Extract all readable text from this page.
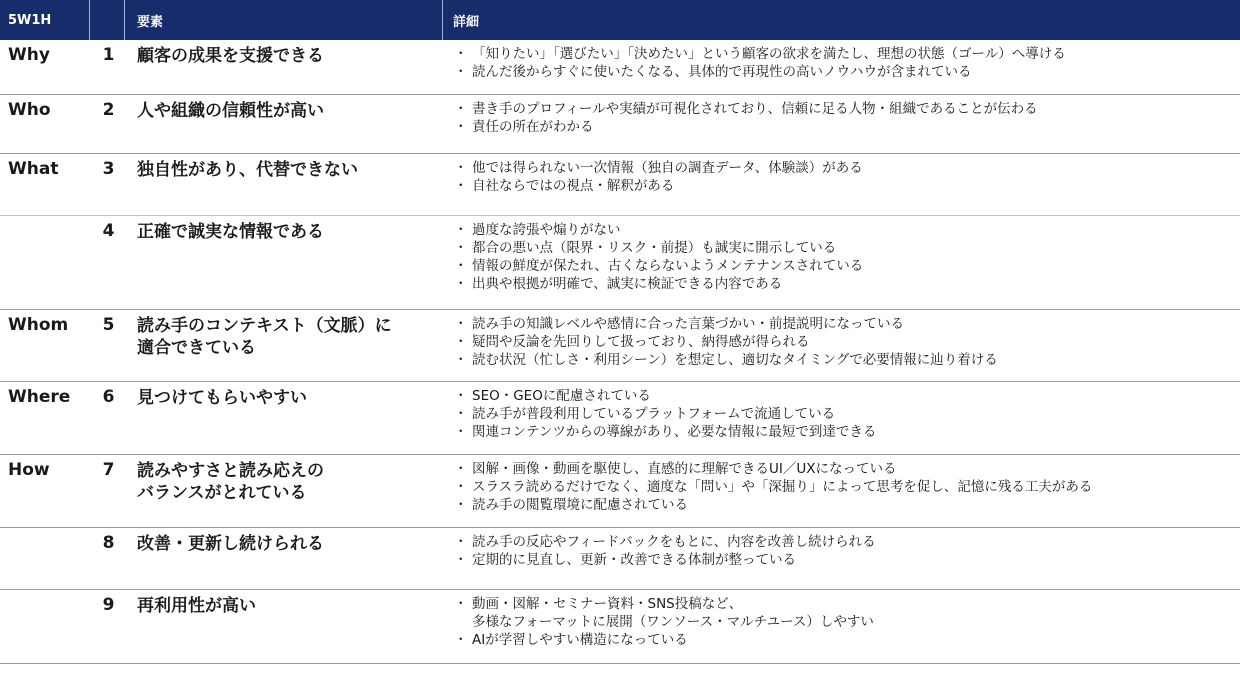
5W1H	要素	詳細
Why	1	顧客の成果を支援できる	・ 「知りたい」「選びたい」「決めたい」という顧客の欲求を満たし、理想の状態（ゴール）へ導ける
・ 読んだ後からすぐに使いたくなる、具体的で再現性の高いノウハウが含まれている
Who	2	人や組織の信頼性が高い	・ 書き手のプロフィールや実績が可視化されており、信頼に足る人物・組織であることが伝わる
・ 責任の所在がわかる
What	3	独自性があり、代替できない	・ 他では得られない一次情報（独自の調査データ、体験談）がある
・ 自社ならではの視点・解釈がある
4	正確で誠実な情報である	・ 過度な誇張や煽りがない
・ 都合の悪い点（限界・リスク・前提）も誠実に開示している
・ 情報の鮮度が保たれ、古くならないようメンテナンスされている
・ 出典や根拠が明確で、誠実に検証できる内容である
Whom	5	読み手のコンテキスト（文脈）に
適合できている
・ 読み手の知識レベルや感情に合った言葉づかい・前提説明になっている
・ 疑問や反論を先回りして扱っており、納得感が得られる
・ 読む状況（忙しさ・利用シーン）を想定し、適切なタイミングで必要情報に辿り着ける
Where	6	見つけてもらいやすい	・ SEO・GEOに配慮されている
・ 読み手が普段利用しているプラットフォームで流通している
・ 関連コンテンツからの導線があり、必要な情報に最短で到達できる
How	7	読みやすさと読み応えの
バランスがとれている
・ 図解・画像・動画を駆使し、直感的に理解できるUI／UXになっている
・ スラスラ読めるだけでなく、適度な「問い」や「深掘り」によって思考を促し、記憶に残る工夫がある
・ 読み手の閲覧環境に配慮されている
8	改善・更新し続けられる	・ 読み手の反応やフィードバックをもとに、内容を改善し続けられる
・ 定期的に見直し、更新・改善できる体制が整っている
9	再利用性が高い	・ 動画・図解・セミナー資料・SNS投稿など、
多様なフォーマットに展開（ワンソース・マルチユース）しやすい
・ AIが学習しやすい構造になっている
